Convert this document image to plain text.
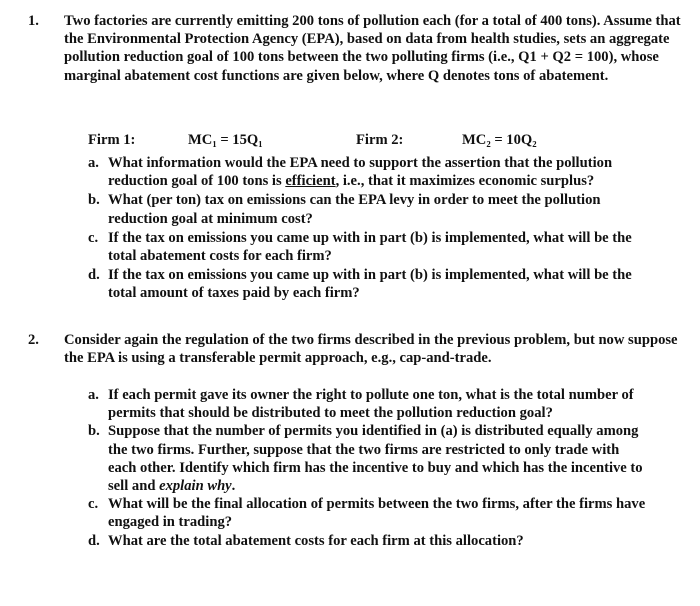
1. Two factories are currently emitting 200 tons of pollution each (for a total of 400 tons). Assume that the Environmental Protection Agency (EPA), based on data from health studies, sets an aggregate pollution reduction goal of 100 tons between the two polluting firms (i.e., Q1 + Q2 = 100), whose marginal abatement cost functions are given below, where Q denotes tons of abatement.
Firm 1:	MC₁ = 15Q₁	Firm 2:	MC₂ = 10Q₂
a. What information would the EPA need to support the assertion that the pollution reduction goal of 100 tons is efficient, i.e., that it maximizes economic surplus?
b. What (per ton) tax on emissions can the EPA levy in order to meet the pollution reduction goal at minimum cost?
c. If the tax on emissions you came up with in part (b) is implemented, what will be the total abatement costs for each firm?
d. If the tax on emissions you came up with in part (b) is implemented, what will be the total amount of taxes paid by each firm?
2. Consider again the regulation of the two firms described in the previous problem, but now suppose the EPA is using a transferable permit approach, e.g., cap-and-trade.
a. If each permit gave its owner the right to pollute one ton, what is the total number of permits that should be distributed to meet the pollution reduction goal?
b. Suppose that the number of permits you identified in (a) is distributed equally among the two firms. Further, suppose that the two firms are restricted to only trade with each other. Identify which firm has the incentive to buy and which has the incentive to sell and explain why.
c. What will be the final allocation of permits between the two firms, after the firms have engaged in trading?
d. What are the total abatement costs for each firm at this allocation?
